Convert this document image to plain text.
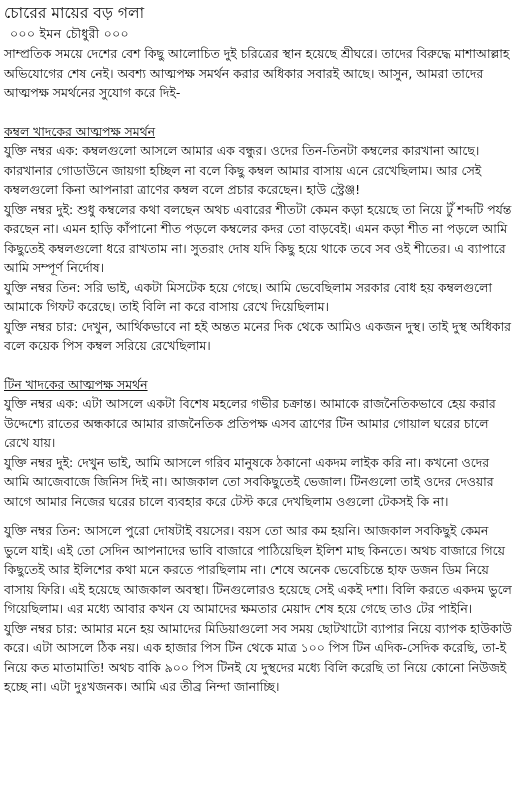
চোরের মায়ের বড় গলা
০০০ ইমন চৌধুরী ০০০

সাম্প্রতিক সময়ে দেশের বেশ কিছু আলোচিত দুই চরিত্রের স্থান হয়েছে শ্রীঘরে। তাদের বিরুদ্ধে মাশাআল্লাহ অভিযোগের শেষ নেই। অবশ্য আত্মপক্ষ সমর্থন করার অধিকার সবারই আছে। আসুন, আমরা তাদের আত্মপক্ষ সমর্থনের সুযোগ করে দিই-

কম্বল খাদকের আত্মপক্ষ সমর্থন

যুক্তি নম্বর এক: কম্বলগুলো আসলে আমার এক বন্ধুর। ওদের তিন-তিনটা কম্বলের কারখানা আছে। কারখানার গোডাউনে জায়গা হচ্ছিল না বলে কিছু কম্বল আমার বাসায় এনে রেখেছিলাম। আর সেই কম্বলগুলো কিনা আপনারা ত্রাণের কম্বল বলে প্রচার করেছেন। হাউ স্ট্রেঞ্জ!

যুক্তি নম্বর দুই: শুধু কম্বলের কথা বলছেন অথচ এবারের শীতটা কেমন কড়া হয়েছে তা নিয়ে টুঁ শব্দটি পর্যন্ত করছেন না। এমন হাড়ি কাঁপানো শীত পড়লে কম্বলের কদর তো বাড়বেই। এমন কড়া শীত না পড়লে আমি কিছুতেই কম্বলগুলো ধরে রাখতাম না। সুতরাং দোষ যদি কিছু হয়ে থাকে তবে সব ওই শীতের। এ ব্যাপারে আমি সম্পূর্ণ নির্দোষ।

যুক্তি নম্বর তিন: সরি ভাই, একটা মিসটেক হয়ে গেছে। আমি ভেবেছিলাম সরকার বোধ হয় কম্বলগুলো আমাকে গিফট করেছে। তাই বিলি না করে বাসায় রেখে দিয়েছিলাম।

যুক্তি নম্বর চার: দেখুন, আর্থিকভাবে না হই অন্তত মনের দিক থেকে আমিও একজন দুস্থ। তাই দুস্থ অধিকার বলে কয়েক পিস কম্বল সরিয়ে রেখেছিলাম।

টিন খাদকের আত্মপক্ষ সমর্থন

যুক্তি নম্বর এক: এটা আসলে একটা বিশেষ মহলের গভীর চক্রান্ত। আমাকে রাজনৈতিকভাবে হেয় করার উদ্দেশ্যে রাতের অন্ধকারে আমার রাজনৈতিক প্রতিপক্ষ এসব ত্রাণের টিন আমার গোয়াল ঘরের চালে রেখে যায়।

যুক্তি নম্বর দুই: দেখুন ভাই, আমি আসলে গরিব মানুষকে ঠকানো একদম লাইক করি না। কখনো ওদের আমি আজেবাজে জিনিস দিই না। আজকাল তো সবকিছুতেই ভেজাল। টিনগুলো তাই ওদের দেওয়ার আগে আমার নিজের ঘরের চালে ব্যবহার করে টেস্ট করে দেখছিলাম ওগুলো টেকসই কি না।

যুক্তি নম্বর তিন: আসলে পুরো দোষটাই বয়সের। বয়স তো আর কম হয়নি। আজকাল সবকিছুই কেমন ভুলে যাই। এই তো সেদিন আপনাদের ভাবি বাজারে পাঠিয়েছিল ইলিশ মাছ কিনতে। অথচ বাজারে গিয়ে কিছুতেই আর ইলিশের কথা মনে করতে পারছিলাম না। শেষে অনেক ভেবেচিন্তে হাফ ডজন ডিম নিয়ে বাসায় ফিরি। এই হয়েছে আজকাল অবস্থা। টিনগুলোরও হয়েছে সেই একই দশা। বিলি করতে একদম ভুলে গিয়েছিলাম। এর মধ্যে আবার কখন যে আমাদের ক্ষমতার মেয়াদ শেষ হয়ে গেছে তাও টের পাইনি।

যুক্তি নম্বর চার: আমার মনে হয় আমাদের মিডিয়াগুলো সব সময় ছোটখাটো ব্যাপার নিয়ে ব্যাপক হাউকাউ করে। এটা আসলে ঠিক নয়। এক হাজার পিস টিন থেকে মাত্র ১০০ পিস টিন এদিক-সেদিক করেছি, তা-ই নিয়ে কত মাতামাতি! অথচ বাকি ৯০০ পিস টিনই যে দুস্থদের মধ্যে বিলি করেছি তা নিয়ে কোনো নিউজই হচ্ছে না। এটা দুঃখজনক। আমি এর তীব্র নিন্দা জানাচ্ছি।
